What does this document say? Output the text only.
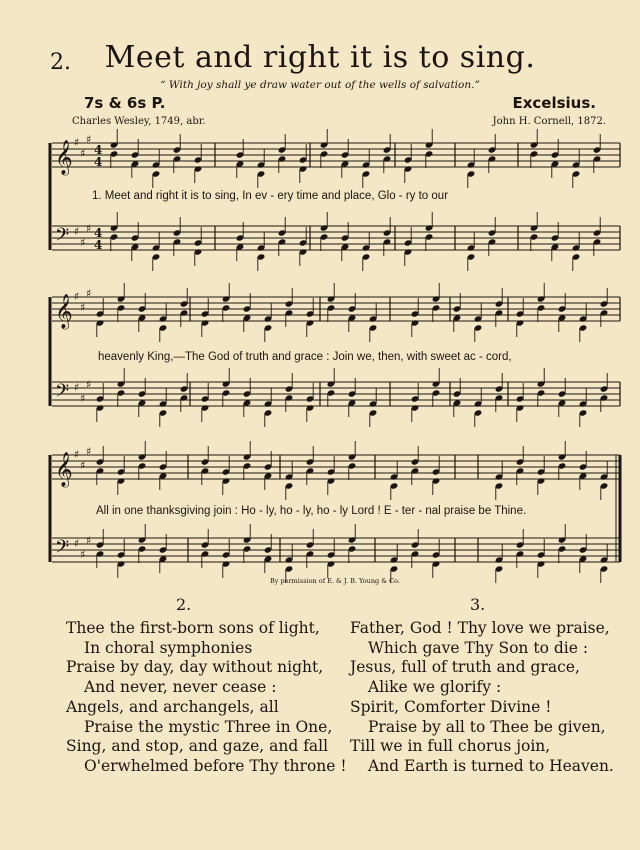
2.	Meet and right it is to sing.
“ With joy shall ye draw water out of the wells of salvation.”
7s & 6s P.	Excelsius.
Charles Wesley, 1749, abr.	John H. Cornell, 1872.
𝄞 ♯
♯
♯
4
4
𝄢 ♯
♯
♯ 4
4
𝄞 ♯
♯
♯
𝄢 ♯
♯
♯
𝄞 ♯
♯
♯
𝄢 ♯
♯
♯
1. Meet and right it is to sing, In ev - ery time and place, Glo - ry to our
heavenly King,—The God of truth and grace : Join we, then, with sweet ac - cord,
All in one thanksgiving join : Ho - ly, ho - ly, ho - ly Lord ! E - ter - nal praise be Thine.
By permission of E. & J. B. Young & Co.
2.	3.
Thee the first-born sons of light,
In choral symphonies
Praise by day, day without night,
And never, never cease :
Angels, and archangels, all
Praise the mystic Three in One,
Sing, and stop, and gaze, and fall
O'erwhelmed before Thy throne !
Father, God ! Thy love we praise,
Which gave Thy Son to die :
Jesus, full of truth and grace,
Alike we glorify :
Spirit, Comforter Divine !
Praise by all to Thee be given,
Till we in full chorus join,
And Earth is turned to Heaven.
